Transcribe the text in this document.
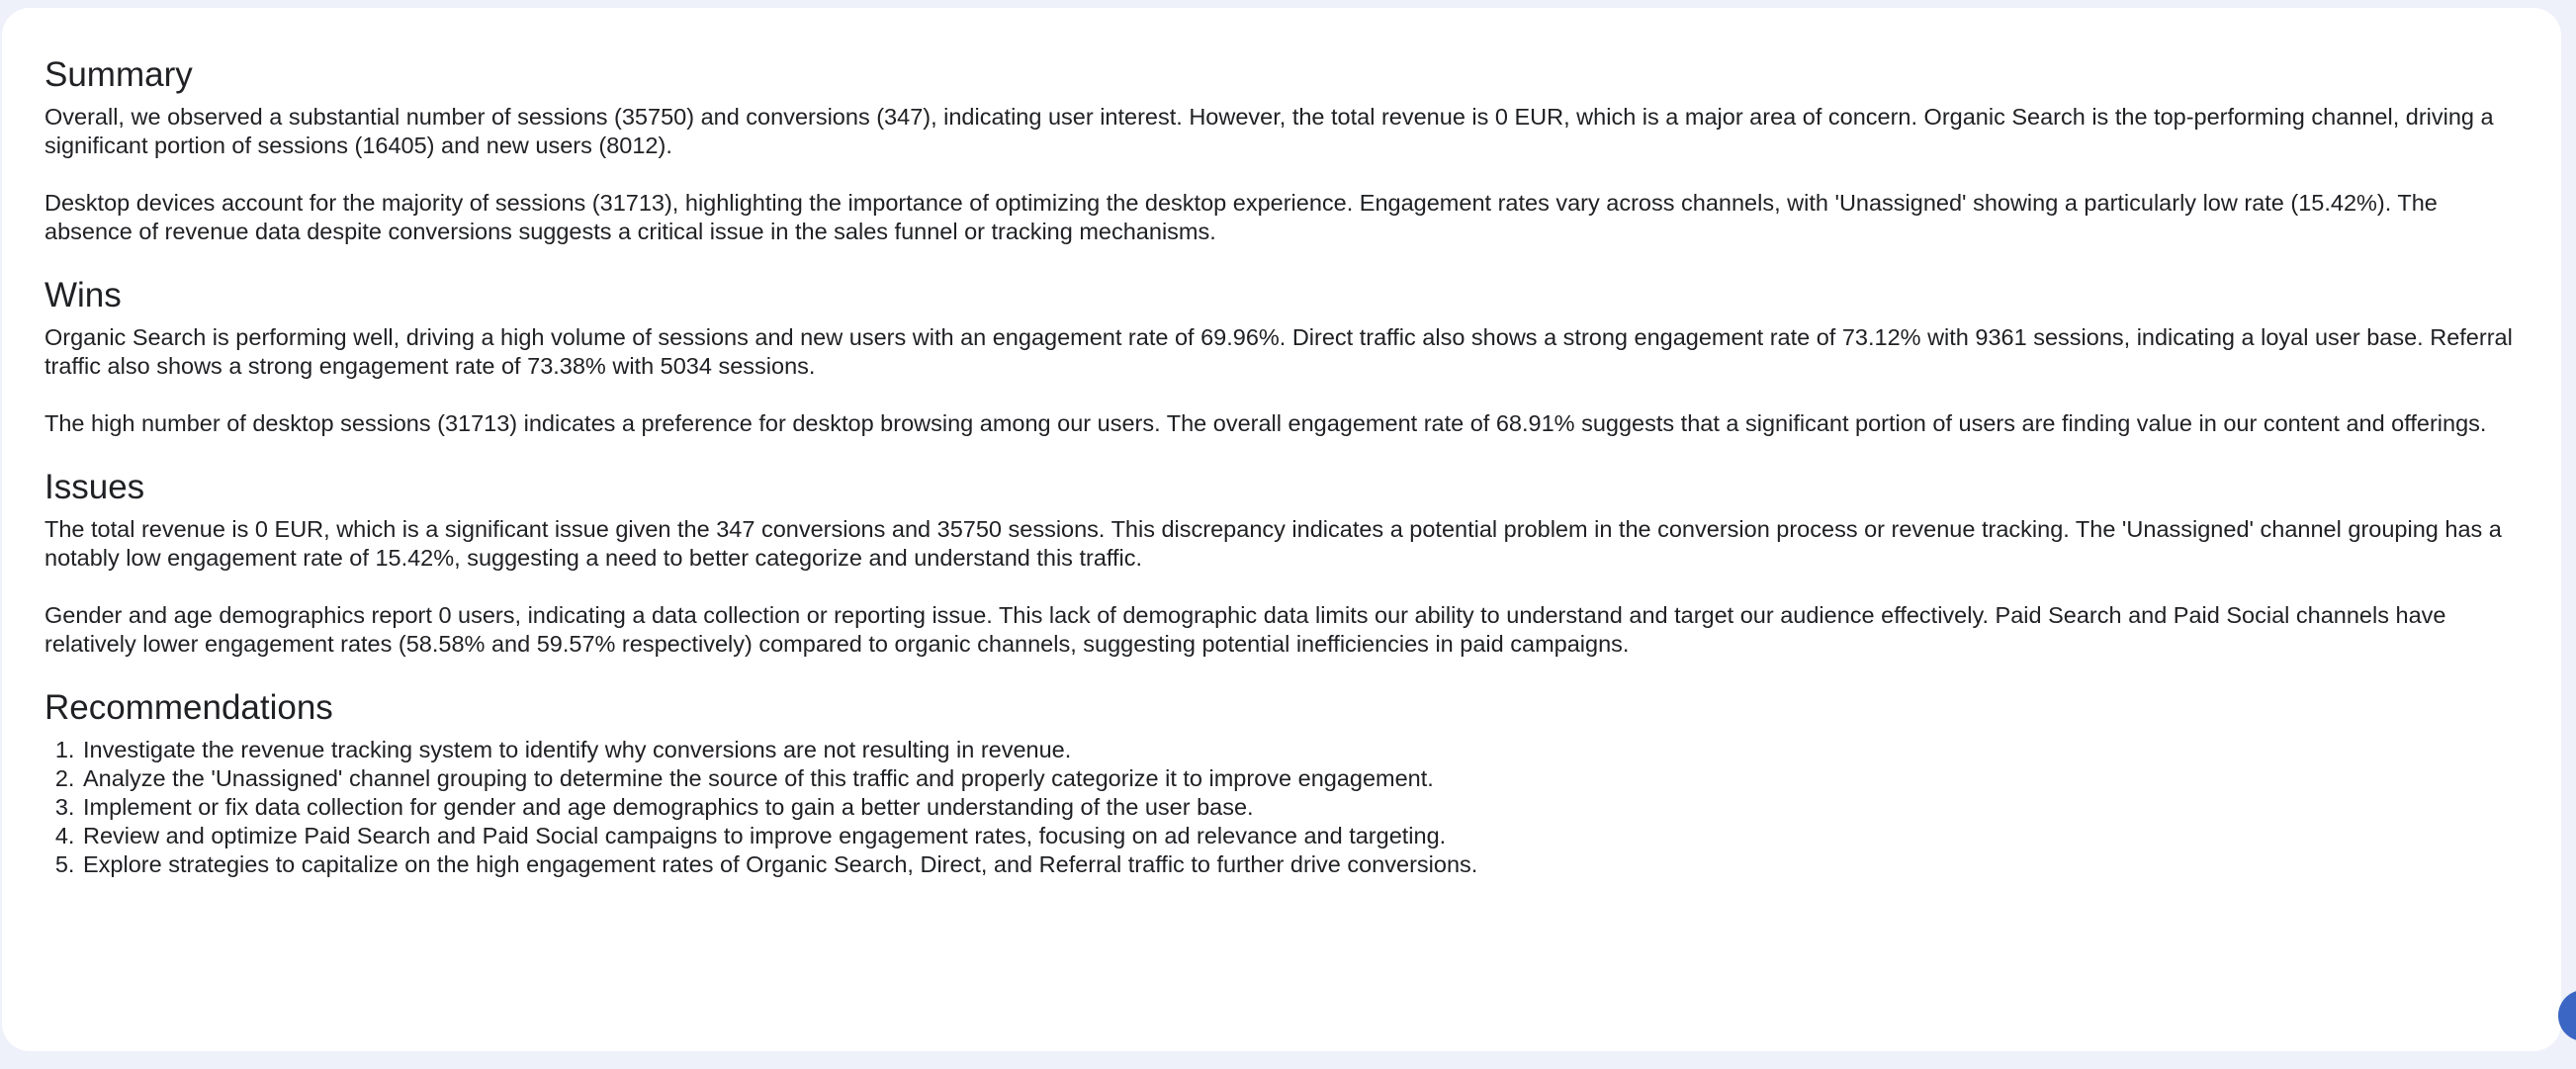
Summary

Overall, we observed a substantial number of sessions (35750) and conversions (347), indicating user interest. However, the total revenue is 0 EUR, which is a major area of concern. Organic Search is the top-performing channel, driving a significant portion of sessions (16405) and new users (8012).

Desktop devices account for the majority of sessions (31713), highlighting the importance of optimizing the desktop experience. Engagement rates vary across channels, with 'Unassigned' showing a particularly low rate (15.42%). The absence of revenue data despite conversions suggests a critical issue in the sales funnel or tracking mechanisms.

Wins

Organic Search is performing well, driving a high volume of sessions and new users with an engagement rate of 69.96%. Direct traffic also shows a strong engagement rate of 73.12% with 9361 sessions, indicating a loyal user base. Referral traffic also shows a strong engagement rate of 73.38% with 5034 sessions.

The high number of desktop sessions (31713) indicates a preference for desktop browsing among our users. The overall engagement rate of 68.91% suggests that a significant portion of users are finding value in our content and offerings.

Issues

The total revenue is 0 EUR, which is a significant issue given the 347 conversions and 35750 sessions. This discrepancy indicates a potential problem in the conversion process or revenue tracking. The 'Unassigned' channel grouping has a notably low engagement rate of 15.42%, suggesting a need to better categorize and understand this traffic.

Gender and age demographics report 0 users, indicating a data collection or reporting issue. This lack of demographic data limits our ability to understand and target our audience effectively. Paid Search and Paid Social channels have relatively lower engagement rates (58.58% and 59.57% respectively) compared to organic channels, suggesting potential inefficiencies in paid campaigns.

Recommendations
1. Investigate the revenue tracking system to identify why conversions are not resulting in revenue.
2. Analyze the 'Unassigned' channel grouping to determine the source of this traffic and properly categorize it to improve engagement.
3. Implement or fix data collection for gender and age demographics to gain a better understanding of the user base.
4. Review and optimize Paid Search and Paid Social campaigns to improve engagement rates, focusing on ad relevance and targeting.
5. Explore strategies to capitalize on the high engagement rates of Organic Search, Direct, and Referral traffic to further drive conversions.
